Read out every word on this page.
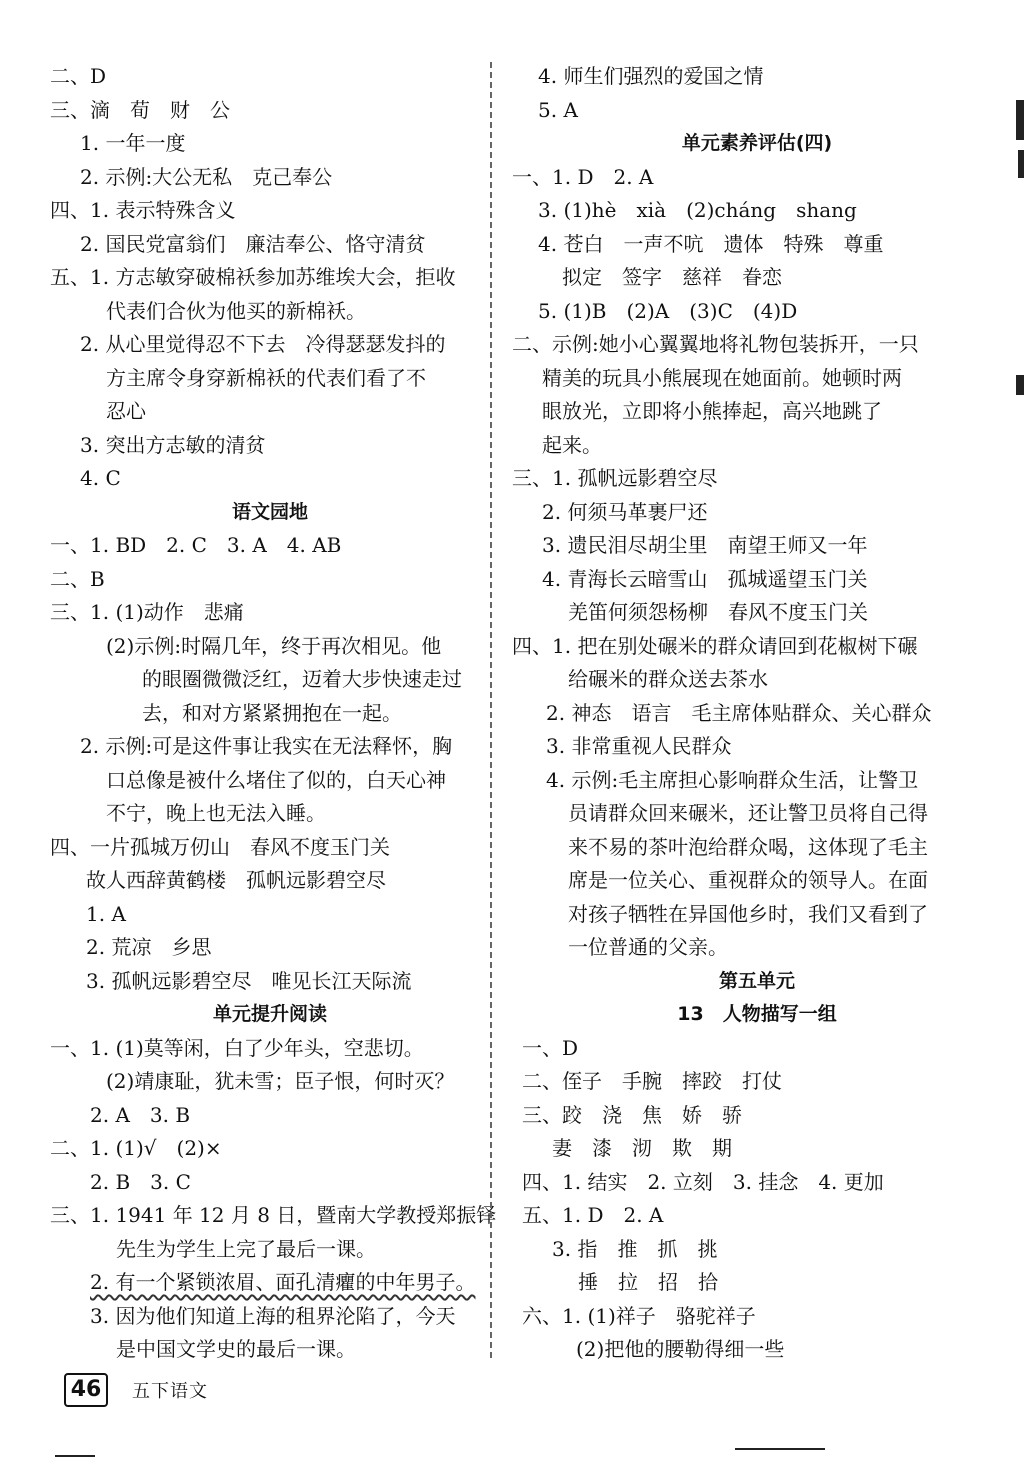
二、D
三、滴　荀　财　公
1. 一年一度
2. 示例:大公无私　克己奉公
四、1. 表示特殊含义
2. 国民党富翁们　廉洁奉公、恪守清贫
五、1. 方志敏穿破棉袄参加苏维埃大会，拒收
代表们合伙为他买的新棉袄。
2. 从心里觉得忍不下去　冷得瑟瑟发抖的
方主席令身穿新棉袄的代表们看了不
忍心
3. 突出方志敏的清贫
4. C
语文园地
一、1. BD　2. C　3. A　4. AB
二、B
三、1. (1)动作　悲痛
(2)示例:时隔几年，终于再次相见。他
的眼圈微微泛红，迈着大步快速走过
去，和对方紧紧拥抱在一起。
2. 示例:可是这件事让我实在无法释怀，胸
口总像是被什么堵住了似的，白天心神
不宁，晚上也无法入睡。
四、一片孤城万仞山　春风不度玉门关
故人西辞黄鹤楼　孤帆远影碧空尽
1. A
2. 荒凉　乡思
3. 孤帆远影碧空尽　唯见长江天际流
单元提升阅读
一、1. (1)莫等闲，白了少年头，空悲切。
(2)靖康耻，犹未雪；臣子恨，何时灭？
2. A　3. B
二、1. (1)√　(2)×
2. B　3. C
三、1. 1941 年 12 月 8 日，暨南大学教授郑振铎
先生为学生上完了最后一课。
2. 有一个紧锁浓眉、面孔清癯的中年男子。
3. 因为他们知道上海的租界沦陷了，今天
是中国文学史的最后一课。
4. 师生们强烈的爱国之情
5. A
单元素养评估(四)
一、1. D　2. A
3. (1)hè　xià　(2)cháng　shang
4. 苍白　一声不吭　遗体　特殊　尊重
拟定　签字　慈祥　眷恋
5. (1)B　(2)A　(3)C　(4)D
二、示例:她小心翼翼地将礼物包装拆开，一只
精美的玩具小熊展现在她面前。她顿时两
眼放光，立即将小熊捧起，高兴地跳了
起来。
三、1. 孤帆远影碧空尽
2. 何须马革裹尸还
3. 遗民泪尽胡尘里　南望王师又一年
4. 青海长云暗雪山　孤城遥望玉门关
羌笛何须怨杨柳　春风不度玉门关
四、1. 把在别处碾米的群众请回到花椒树下碾
给碾米的群众送去茶水
2. 神态　语言　毛主席体贴群众、关心群众
3. 非常重视人民群众
4. 示例:毛主席担心影响群众生活，让警卫
员请群众回来碾米，还让警卫员将自己得
来不易的茶叶泡给群众喝，这体现了毛主
席是一位关心、重视群众的领导人。在面
对孩子牺牲在异国他乡时，我们又看到了
一位普通的父亲。
第五单元
13　人物描写一组
一、D
二、侄子　手腕　摔跤　打仗
三、跤　浇　焦　娇　骄
妻　漆　沏　欺　期
四、1. 结实　2. 立刻　3. 挂念　4. 更加
五、1. D　2. A
3. 指　推　抓　挑
捶　拉　招　拾
六、1. (1)祥子　骆驼祥子
(2)把他的腰勒得细一些
46	五下语文
